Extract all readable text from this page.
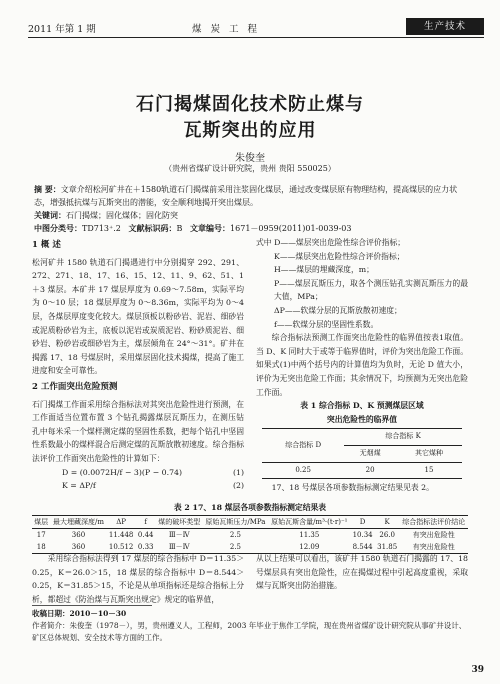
2011 年第 1 期	煤 炭 工 程	生产技术
石门揭煤固化技术防止煤与
瓦斯突出的应用
朱俊奎
（贵州省煤矿设计研究院，贵州 贵阳 550025）

摘 要：文章介绍松河矿井在＋1580轨道石门揭煤前采用注浆固化煤层，通过改变煤层原有物理结构，提高煤层的应力状态，增强抵抗煤与瓦斯突出的潜能，安全顺利地揭开突出煤层。

关键词：石门揭煤；固化煤体；固化防突

中图分类号：TD713⁺.2 文献标识码：B 文章编号：1671－0959(2011)01-0039-03

1 概 述

松河矿井 1580 轨道石门揭遇进行中分别揭穿 292、291、272、271、18、17、16、15、12、11、9、62、51、1＋3 煤层。本矿井 17 煤层厚度为 0.69～7.58m，实际平均为 0～10 层；18 煤层厚度为 0～8.36m，实际平均为 0～4 层，各煤层厚度变化较大。煤层顶板以粉砂岩、泥岩、细砂岩或泥质粉砂岩为主，底板以泥岩或炭质泥岩、粉砂质泥岩、细砂岩、粉砂岩或细砂岩为主，煤层倾角在 24°～31°。矿井在揭露 17、18 号煤层时，采用煤层固化技术揭煤，提高了施工进度和安全可靠性。

2 工作面突出危险预测

石门揭煤工作面采用综合指标法对其突出危险性进行预测，在工作面适当位置布置 3 个钻孔揭露煤层瓦斯压力，在测压钻孔中每米采一个煤样测定煤的坚固性系数，把每个钻孔中坚固性系数最小的煤样混合后测定煤的瓦斯放散初速度。综合指标法评价工作面突出危险性的计算如下：

D = (0.0072H/f − 3)(P − 0.74)	(1)

K = ΔP/f	(2)

式中 D——煤层突出危险性综合评价指标；

K——煤层突出危险性综合评价指标；

H——煤层的埋藏深度，m；

P——煤层瓦斯压力，取各个测压钻孔实测瓦斯压力的最大值，MPa；

ΔP——软煤分层的瓦斯放散初速度；

f——软煤分层的坚固性系数。

综合指标法预测工作面突出危险性的临界值按表1取值。当 D、K 同时大于或等于临界值时，评价为突出危险工作面。如果式(1)中两个括号内的计算值均为负时，无论 D 值大小，评价为无突出危险工作面；其余情况下，均预测为无突出危险工作面。

表 1 综合指标 D、K 预测煤层区域

突出危险性的临界值

综合指标 D	综合指标 K	
	无烟煤	其它煤种
0.25	20	15

17、18 号煤层各项参数指标测定结果见表 2。

表 2 17、18 煤层各项参数指标测定结果表

煤层	最大埋藏深度/m	ΔP	f	煤的破坏类型	原始瓦斯压力/MPa	原始瓦斯含量/m³·(t·r)⁻¹	D	K	综合指标法评价结论
17	360	11.448	0.44	Ⅲ－Ⅳ	2.5	11.35	10.34	26.0	有突出危险性
18	360	10.512	0.33	Ⅲ－Ⅳ	2.5	12.09	8.544	31.85	有突出危险性

采用综合指标法得到 17 煤层的综合指标中 D＝11.35＞0.25，K＝26.0＞15，18 煤层的综合指标中 D＝8.544＞0.25，K＝31.85＞15，不论是从单项指标还是综合指标上分析，都超过《防治煤与瓦斯突出规定》规定的临界值，

从以上结果可以看出，该矿井 1580 轨道石门揭露的 17、18 号煤层具有突出危险性，应在揭煤过程中引起高度重视，采取煤与瓦斯突出防治措施。

收稿日期：2010－10－30
作者简介：朱俊奎（1978－），男，贵州遵义人，工程师，2003 年毕业于焦作工学院，现在贵州省煤矿设计研究院从事矿井设计、矿区总体规划、安全技术等方面的工作。
39
